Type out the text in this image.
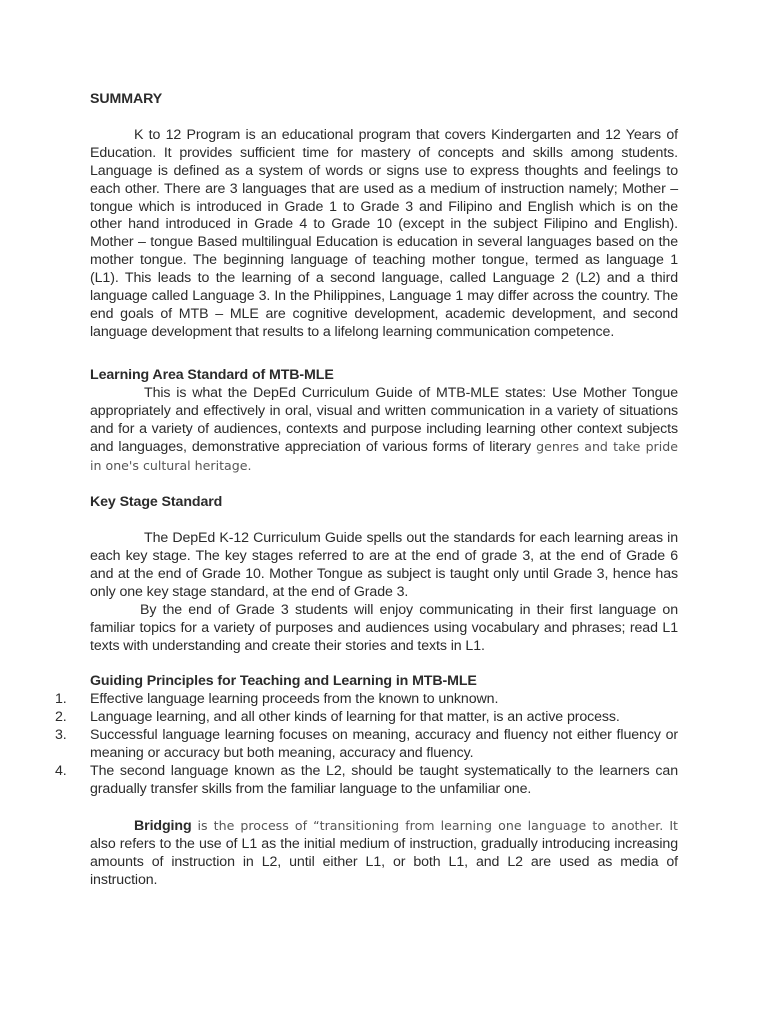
SUMMARY

K to 12 Program is an educational program that covers Kindergarten and 12 Years of Education. It provides sufficient time for mastery of concepts and skills among students. Language is defined as a system of words or signs use to express thoughts and feelings to each other. There are 3 languages that are used as a medium of instruction namely; Mother – tongue which is introduced in Grade 1 to Grade 3 and Filipino and English which is on the other hand introduced in Grade 4 to Grade 10 (except in the subject Filipino and English). Mother – tongue Based multilingual Education is education in several languages based on the mother tongue. The beginning language of teaching mother tongue, termed as language 1 (L1). This leads to the learning of a second language, called Language 2 (L2) and a third language called Language 3. In the Philippines, Language 1 may differ across the country. The end goals of MTB – MLE are cognitive development, academic development, and second language development that results to a lifelong learning communication competence.

Learning Area Standard of MTB-MLE

This is what the DepEd Curriculum Guide of MTB-MLE states: Use Mother Tongue appropriately and effectively in oral, visual and written communication in a variety of situations and for a variety of audiences, contexts and purpose including learning other context subjects and languages, demonstrative appreciation of various forms of literary genres and take pride in one's cultural heritage.

Key Stage Standard

The DepEd K-12 Curriculum Guide spells out the standards for each learning areas in each key stage. The key stages referred to are at the end of grade 3, at the end of Grade 6 and at the end of Grade 10. Mother Tongue as subject is taught only until Grade 3, hence has only one key stage standard, at the end of Grade 3.

By the end of Grade 3 students will enjoy communicating in their first language on familiar topics for a variety of purposes and audiences using vocabulary and phrases; read L1 texts with understanding and create their stories and texts in L1.

Guiding Principles for Teaching and Learning in MTB-MLE
1. Effective language learning proceeds from the known to unknown.
2. Language learning, and all other kinds of learning for that matter, is an active process.
3. Successful language learning focuses on meaning, accuracy and fluency not either fluency or meaning or accuracy but both meaning, accuracy and fluency.
4. The second language known as the L2, should be taught systematically to the learners can gradually transfer skills from the familiar language to the unfamiliar one.

Bridging is the process of “transitioning from learning one language to another. It also refers to the use of L1 as the initial medium of instruction, gradually introducing increasing amounts of instruction in L2, until either L1, or both L1, and L2 are used as media of instruction.
